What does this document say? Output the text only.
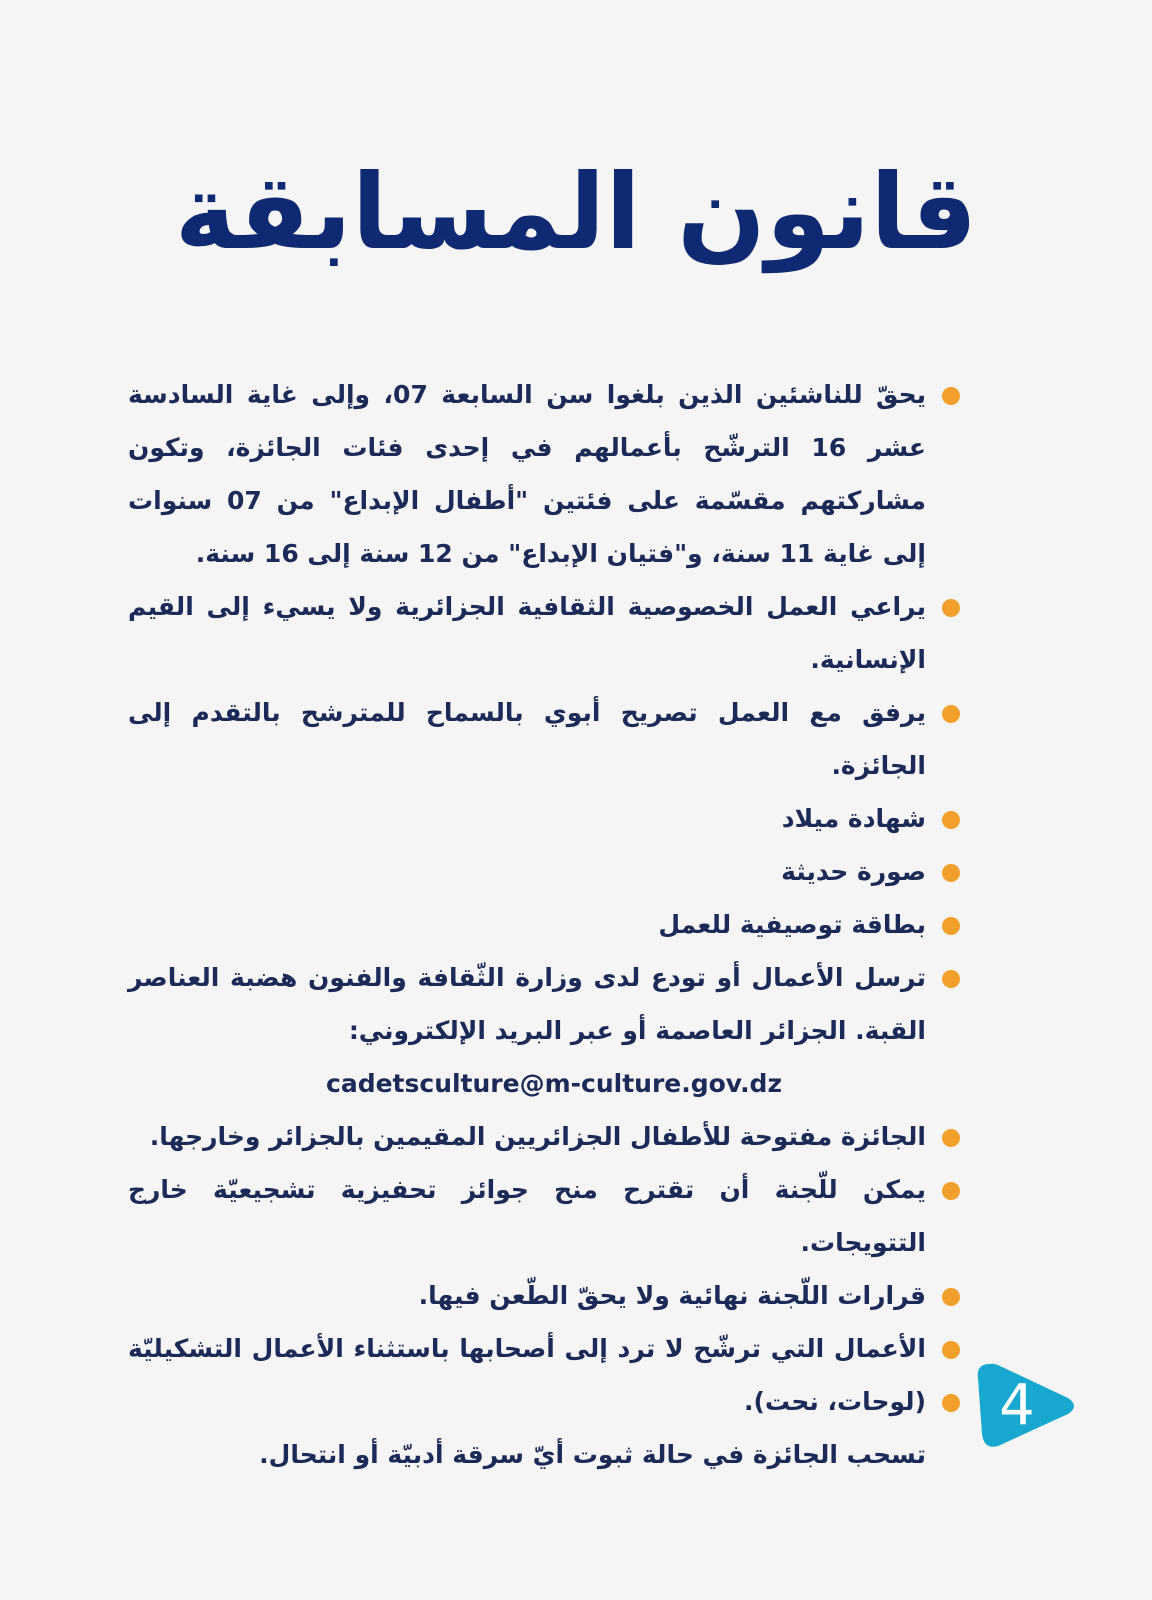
قانون المسابقة
يحقّ للناشئين الذين بلغوا سن السابعة 07، وإلى غاية السادسة عشر 16 الترشّح بأعمالهم في إحدى فئات الجائزة، وتكون مشاركتهم مقسّمة على فئتين "أطفال الإبداع" من 07 سنوات إلى غاية 11 سنة، و"فتيان الإبداع" من 12 سنة إلى 16 سنة.
يراعي العمل الخصوصية الثقافية الجزائرية ولا يسيء إلى القيم الإنسانية.
يرفق مع العمل تصريح أبوي بالسماح للمترشح بالتقدم إلى الجائزة.
شهادة ميلاد
صورة حديثة
بطاقة توصيفية للعمل
ترسل الأعمال أو تودع لدى وزارة الثّقافة والفنون هضبة العناصر القبة. الجزائر العاصمة أو عبر البريد الإلكتروني:
cadetsculture@m-culture.gov.dz
الجائزة مفتوحة للأطفال الجزائريين المقيمين بالجزائر وخارجها.
يمكن للّجنة أن تقترح منح جوائز تحفيزية تشجيعيّة خارج التتويجات.
قرارات اللّجنة نهائية ولا يحقّ الطّعن فيها.
الأعمال التي ترشّح لا ترد إلى أصحابها باستثناء الأعمال التشكيليّة (لوحات، نحت).
تسحب الجائزة في حالة ثبوت أيّ سرقة أدبيّة أو انتحال.
4
